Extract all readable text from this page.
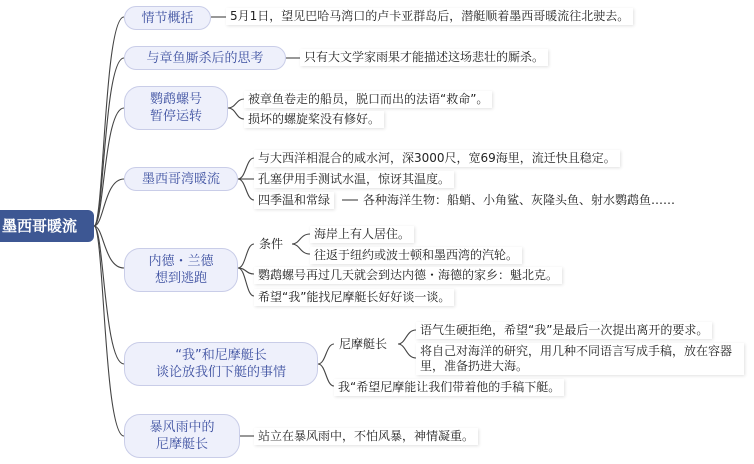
墨西哥暖流
情节概括	5月1日，望见巴哈马湾口的卢卡亚群岛后，潜艇顺着墨西哥暖流往北驶去。
与章鱼厮杀后的思考	只有大文学家雨果才能描述这场悲壮的厮杀。
鹦鹉螺号
暂停运转
被章鱼卷走的船员，脱口而出的法语“救命”。
损坏的螺旋桨没有修好。
墨西哥湾暖流
与大西洋相混合的咸水河，深3000尺，宽69海里，流迁快且稳定。
孔塞伊用手测试水温，惊讶其温度。
四季温和常绿	各种海洋生物：船蛸、小角鲨、灰隆头鱼、射水鹦鹉鱼……
内德・兰德
想到逃跑
条件
海岸上有人居住。
往返于纽约或波士顿和墨西湾的汽轮。
鹦鹉螺号再过几天就会到达内德・海德的家乡：魁北克。
希望“我”能找尼摩艇长好好谈一谈。
“我”和尼摩艇长
谈论放我们下艇的事情
尼摩艇长
语气生硬拒绝，希望“我”是最后一次提出离开的要求。
将自己对海洋的研究，用几种不同语言写成手稿，放在容器里，准备扔进大海。
我“希望尼摩能让我们带着他的手稿下艇。
暴风雨中的
尼摩艇长
站立在暴风雨中，不怕风暴，神情凝重。
